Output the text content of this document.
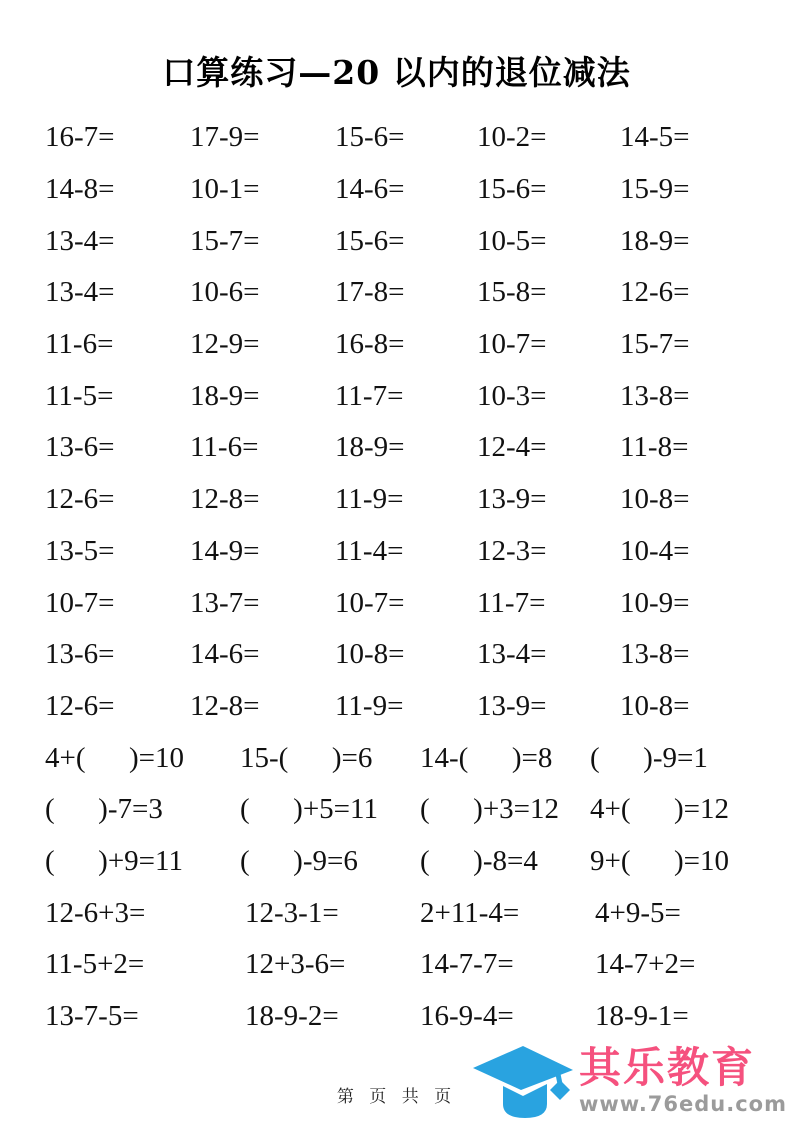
口算练习—20 以内的退位减法
16-7=	17-9=	15-6=	10-2=	14-5=
14-8=	10-1=	14-6=	15-6=	15-9=
13-4=	15-7=	15-6=	10-5=	18-9=
13-4=	10-6=	17-8=	15-8=	12-6=
11-6=	12-9=	16-8=	10-7=	15-7=
11-5=	18-9=	11-7=	10-3=	13-8=
13-6=	11-6=	18-9=	12-4=	11-8=
12-6=	12-8=	11-9=	13-9=	10-8=
13-5=	14-9=	11-4=	12-3=	10-4=
10-7=	13-7=	10-7=	11-7=	10-9=
13-6=	14-6=	10-8=	13-4=	13-8=
12-6=	12-8=	11-9=	13-9=	10-8=
4+(  )=10	15-(  )=6	14-(  )=8	(  )-9=1
(  )-7=3	(  )+5=11	(  )+3=12	4+(  )=12
(  )+9=11	(  )-9=6	(  )-8=4	9+(  )=10
12-6+3=	12-3-1=	2+11-4=	4+9-5=
11-5+2=	12+3-6=	14-7-7=	14-7+2=
13-7-5=	18-9-2=	16-9-4=	18-9-1=
第 页 共 页
其乐教育
www.76edu.com
